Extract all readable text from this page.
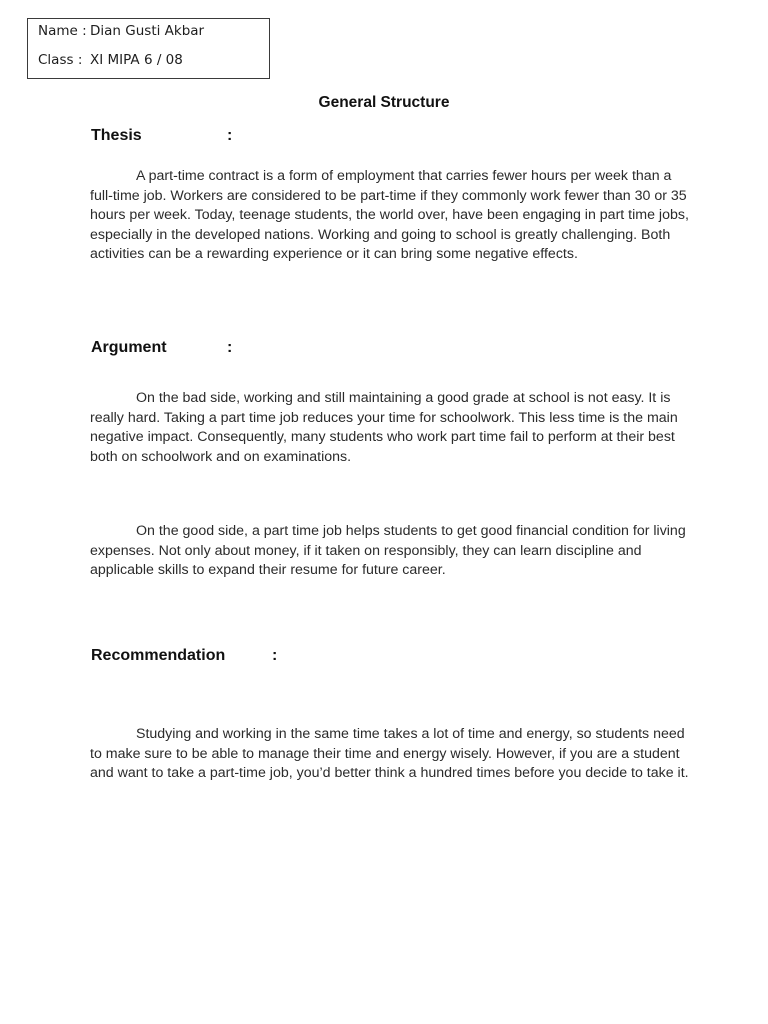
Name :Dian Gusti Akbar
Class :XI MIPA 6 / 08
General Structure
Thesis	:

A part-time contract is a form of employment that carries fewer hours per week than a full-time job. Workers are considered to be part-time if they commonly work fewer than 30 or 35 hours per week. Today, teenage students, the world over, have been engaging in part time jobs, especially in the developed nations. Working and going to school is greatly challenging. Both activities can be a rewarding experience or it can bring some negative effects.

Argument	:

On the bad side, working and still maintaining a good grade at school is not easy. It is really hard. Taking a part time job reduces your time for schoolwork. This less time is the main negative impact. Consequently, many students who work part time fail to perform at their best both on schoolwork and on examinations.

On the good side, a part time job helps students to get good financial condition for living expenses. Not only about money, if it taken on responsibly, they can learn discipline and applicable skills to expand their resume for future career.

Recommendation	:

Studying and working in the same time takes a lot of time and energy, so students need to make sure to be able to manage their time and energy wisely. However, if you are a student and want to take a part-time job, you’d better think a hundred times before you decide to take it.
